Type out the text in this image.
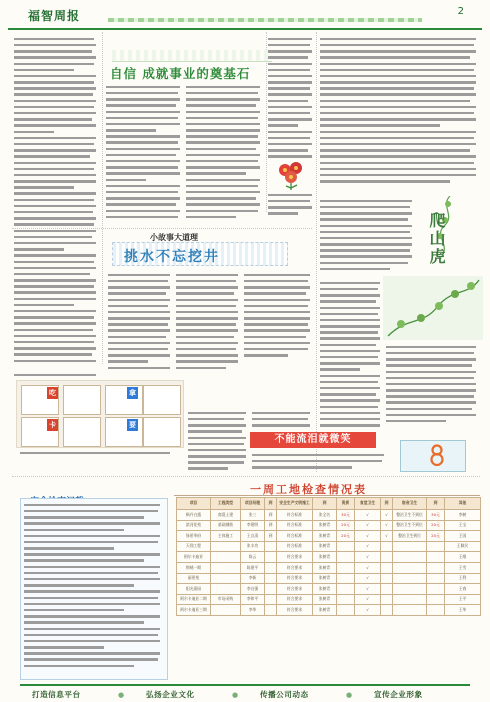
福智周报	2
自信 成就事业的奠基石
小故事大道理
挑水不忘挖井
吃
卡
拿
要
爬山虎
不能流泪就微笑
一周工地检查情况表
项目	工程类型	项目经理	到	安全生产文明施工	到	资质	食堂卫生	到	宿舍卫生	到	其他
枫丹白露	商混土建	张三	到	符合标准	张全名	30元	√	√	整治卫生不到位	30元	李树
滨河花苑	基础钢筋	李建明	到	符合标准	张树青	20元	√	√	整治卫生不到位	20元	王宝
绿景华府	主体施工	王自清	到	符合标准	张树青	20元	√	√	整治卫生到位	20元	王国
天翔工程		张丰功		符合标准	张树青		√				王颖民
阿尔卡迪亚		陈云		符合要求	张树青		√				王维
锦绣一期		陈建平		符合要求	张树青		√				王雪
丽景苑		李新		符合要求	张树青		√				王利
阳光嘉园		李自强		符合要求	张树青		√				王春
阿尔卡迪亚二期	市场采购	李和平		符合要求	张树青		√				王平
阿尔卡迪亚三期		李华		符合要求	张树青		√				王华
打造信息平台	●	弘扬企业文化	●	传播公司动态	●	宣传企业形象
